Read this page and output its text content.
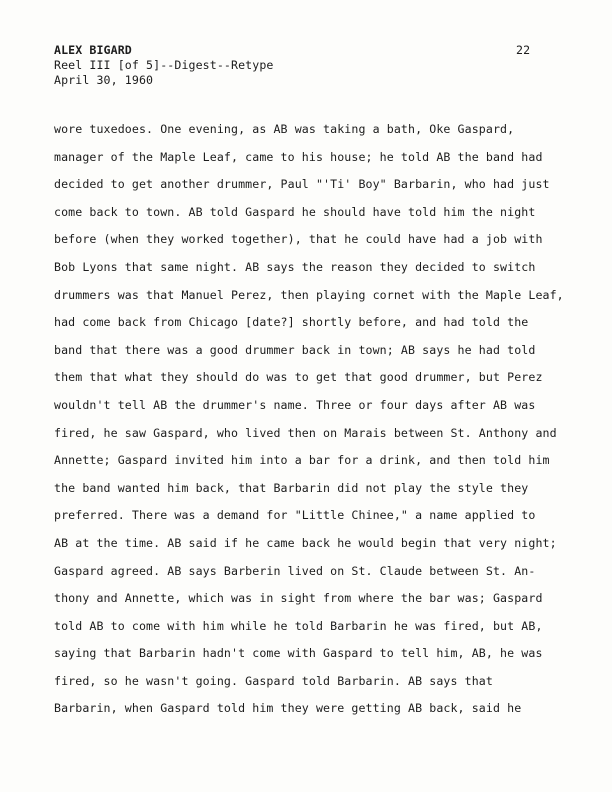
ALEX BIGARD
Reel III [of 5]--Digest--Retype
April 30, 1960
22
wore tuxedoes. One evening, as AB was taking a bath, Oke Gaspard,
manager of the Maple Leaf, came to his house; he told AB the band had
decided to get another drummer, Paul "'Ti' Boy" Barbarin, who had just
come back to town. AB told Gaspard he should have told him the night
before (when they worked together), that he could have had a job with
Bob Lyons that same night. AB says the reason they decided to switch
drummers was that Manuel Perez, then playing cornet with the Maple Leaf,
had come back from Chicago [date?] shortly before, and had told the
band that there was a good drummer back in town; AB says he had told
them that what they should do was to get that good drummer, but Perez
wouldn't tell AB the drummer's name. Three or four days after AB was
fired, he saw Gaspard, who lived then on Marais between St. Anthony and
Annette; Gaspard invited him into a bar for a drink, and then told him
the band wanted him back, that Barbarin did not play the style they
preferred. There was a demand for "Little Chinee," a name applied to
AB at the time. AB said if he came back he would begin that very night;
Gaspard agreed. AB says Barberin lived on St. Claude between St. An-
thony and Annette, which was in sight from where the bar was; Gaspard
told AB to come with him while he told Barbarin he was fired, but AB,
saying that Barbarin hadn't come with Gaspard to tell him, AB, he was
fired, so he wasn't going. Gaspard told Barbarin. AB says that
Barbarin, when Gaspard told him they were getting AB back, said he
